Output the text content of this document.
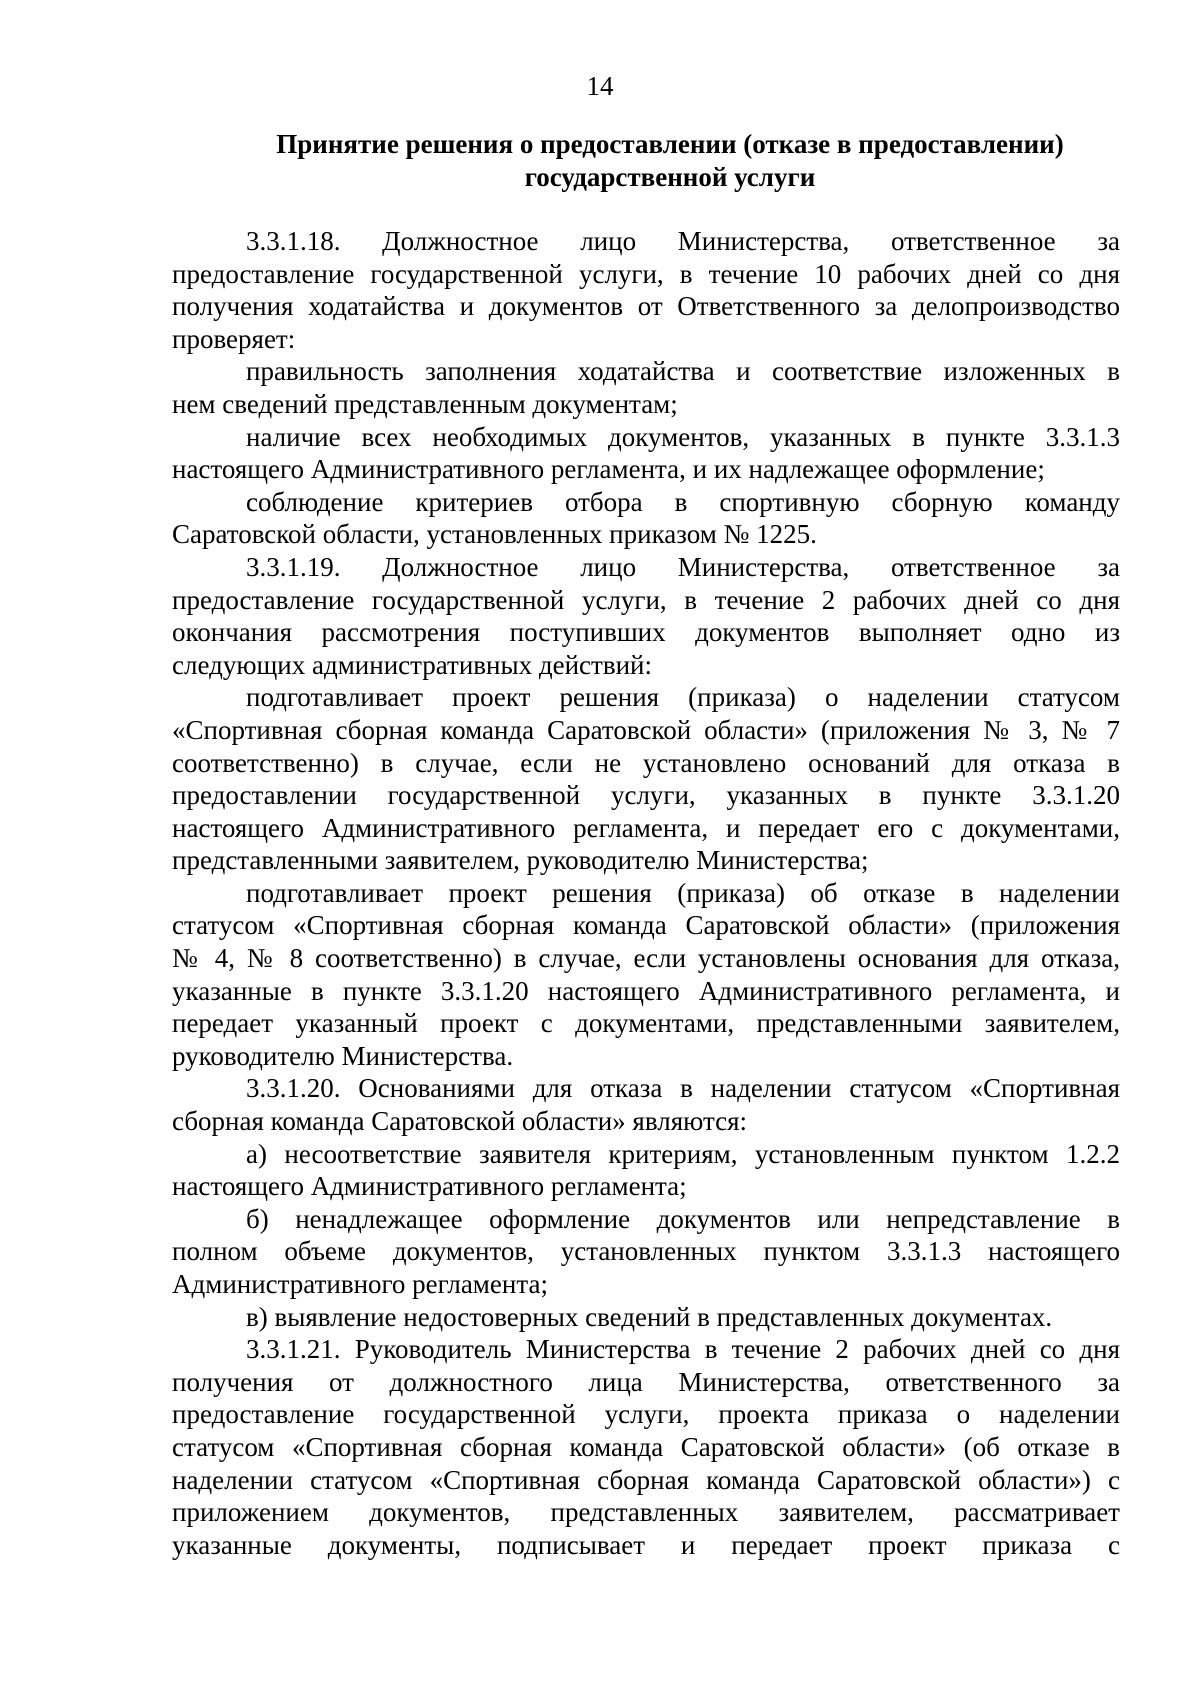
14
Принятие решения о предоставлении (отказе в предоставлении)
государственной услуги

3.3.1.18. Должностное лицо Министерства, ответственное за
предоставление государственной услуги, в течение 10 рабочих дней со дня
получения ходатайства и документов от Ответственного за делопроизводство
проверяет:

правильность заполнения ходатайства и соответствие изложенных в
нем сведений представленным документам;

наличие всех необходимых документов, указанных в пункте 3.3.1.3
настоящего Административного регламента, и их надлежащее оформление;

соблюдение критериев отбора в спортивную сборную команду
Саратовской области, установленных приказом № 1225.

3.3.1.19. Должностное лицо Министерства, ответственное за
предоставление государственной услуги, в течение 2 рабочих дней со дня
окончания рассмотрения поступивших документов выполняет одно из
следующих административных действий:

подготавливает проект решения (приказа) о наделении статусом
«Спортивная сборная команда Саратовской области» (приложения № 3, № 7
соответственно) в случае, если не установлено оснований для отказа в
предоставлении государственной услуги, указанных в пункте 3.3.1.20
настоящего Административного регламента, и передает его с документами,
представленными заявителем, руководителю Министерства;

подготавливает проект решения (приказа) об отказе в наделении
статусом «Спортивная сборная команда Саратовской области» (приложения
№ 4, № 8 соответственно) в случае, если установлены основания для отказа,
указанные в пункте 3.3.1.20 настоящего Административного регламента, и
передает указанный проект с документами, представленными заявителем,
руководителю Министерства.

3.3.1.20. Основаниями для отказа в наделении статусом «Спортивная
сборная команда Саратовской области» являются:

а) несоответствие заявителя критериям, установленным пунктом 1.2.2
настоящего Административного регламента;

б) ненадлежащее оформление документов или непредставление в
полном объеме документов, установленных пунктом 3.3.1.3 настоящего
Административного регламента;

в) выявление недостоверных сведений в представленных документах.

3.3.1.21. Руководитель Министерства в течение 2 рабочих дней со дня
получения от должностного лица Министерства, ответственного за
предоставление государственной услуги, проекта приказа о наделении
статусом «Спортивная сборная команда Саратовской области» (об отказе в
наделении статусом «Спортивная сборная команда Саратовской области») с
приложением документов, представленных заявителем, рассматривает
указанные документы, подписывает и передает проект приказа с
